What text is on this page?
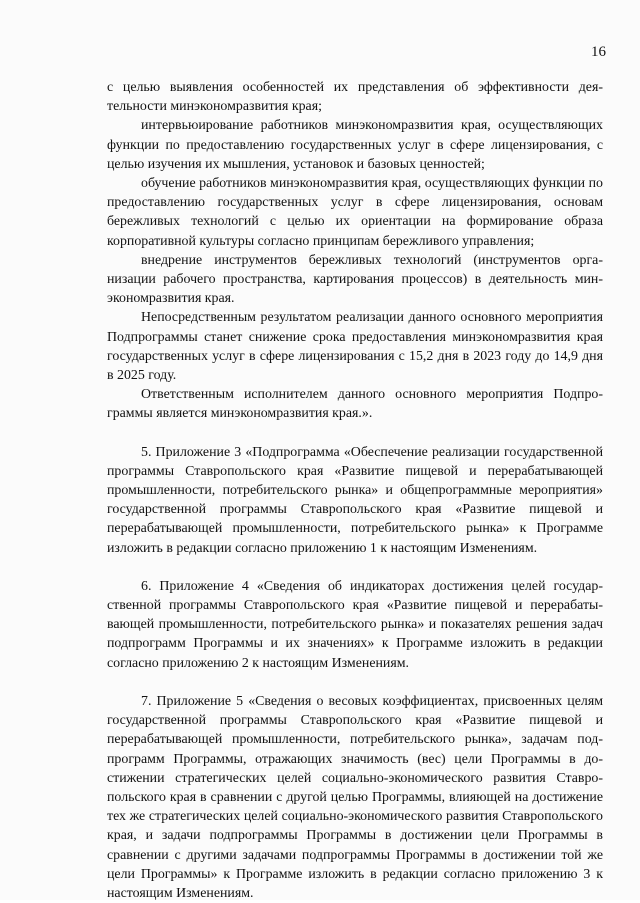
16

с целью выявления особенностей их представления об эффективности деятельности минэкономразвития края;

интервьюирование работников минэкономразвития края, осуществляющих функции по предоставлению государственных услуг в сфере лицензирования, с целью изучения их мышления, установок и базовых ценностей;

обучение работников минэкономразвития края, осуществляющих функции по предоставлению государственных услуг в сфере лицензирования, основам бережливых технологий с целью их ориентации на формирование образа корпоративной культуры согласно принципам бережливого управления;

внедрение инструментов бережливых технологий (инструментов организации рабочего пространства, картирования процессов) в деятельность минэкономразвития края.

Непосредственным результатом реализации данного основного мероприятия Подпрограммы станет снижение срока предоставления минэкономразвития края государственных услуг в сфере лицензирования с 15,2 дня в 2023 году до 14,9 дня в 2025 году.

Ответственным исполнителем данного основного мероприятия Подпрограммы является минэкономразвития края.».

5. Приложение 3 «Подпрограмма «Обеспечение реализации государственной программы Ставропольского края «Развитие пищевой и перерабатывающей промышленности, потребительского рынка» и общепрограммные мероприятия» государственной программы Ставропольского края «Развитие пищевой и перерабатывающей промышленности, потребительского рынка» к Программе изложить в редакции согласно приложению 1 к настоящим Изменениям.

6. Приложение 4 «Сведения об индикаторах достижения целей государственной программы Ставропольского края «Развитие пищевой и перерабатывающей промышленности, потребительского рынка» и показателях решения задач подпрограмм Программы и их значениях» к Программе изложить в редакции согласно приложению 2 к настоящим Изменениям.

7. Приложение 5 «Сведения о весовых коэффициентах, присвоенных целям государственной программы Ставропольского края «Развитие пищевой и перерабатывающей промышленности, потребительского рынка», задачам подпрограмм Программы, отражающих значимость (вес) цели Программы в достижении стратегических целей социально-экономического развития Ставропольского края в сравнении с другой целью Программы, влияющей на достижение тех же стратегических целей социально-экономического развития Ставропольского края, и задачи подпрограммы Программы в достижении цели Программы в сравнении с другими задачами подпрограммы Программы в достижении той же цели Программы» к Программе изложить в редакции согласно приложению 3 к настоящим Изменениям.
